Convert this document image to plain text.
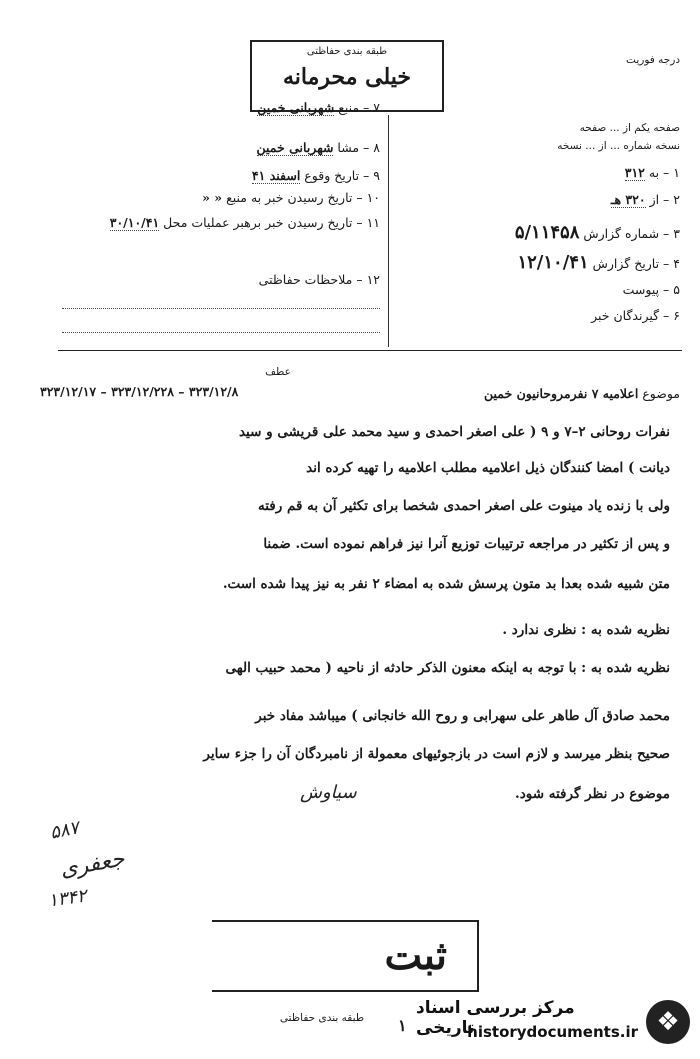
طبقه بندی حفاظتی
خیلی محرمانه
درجه فوریت
صفحه یکم از ... صفحه
نسخه شماره ... از ... نسخه
۷ – منبع شهربانی خمین
۸ – مشا شهربانی خمین
۹ – تاریخ وقوع اسفند ۴۱
۱۰ – تاریخ رسیدن خبر به منبع « «
۱۱ – تاریخ رسیدن خبر برهبر عملیات محل ۳۰/۱۰/۴۱
۱۲ – ملاحظات حفاظتی
۱ – به ۳۱۲
۲ – از ۳۲۰ هـ
۳ – شماره گزارش ۵/۱۱۴۵۸
۴ – تاریخ گزارش ۱۲/۱۰/۴۱
۵ – پیوست
۶ – گیرندگان خبر
عطف
موضوع اعلامیه ۷ نفرمروحانیون خمین
۳۲۳/۱۲/۸ – ۳۲۳/۱۲/۲۲۸ – ۳۲۳/۱۲/۱۷
نفرات روحانی ۲–۷ و ۹ ( علی اصغر احمدی و سید محمد علی قریشی و سید
دیانت ) امضا کنندگان ذیل اعلامیه مطلب اعلامیه را تهیه کرده اند
ولی با زنده یاد مینوت علی اصغر احمدی شخصا برای تکثیر آن به قم رفته
و پس از تکثیر در مراجعه ترتیبات توزیع آنرا نیز فراهم نموده است. ضمنا
متن شبیه شده بعدا بد متون پرسش شده به امضاء ۲ نفر به نیز پیدا شده است.
نظریه شده به : نظری ندارد .
نظریه شده به : با توجه به اینکه معنون الذکر حادثه از ناحیه ( محمد حبیب الهی
محمد صادق آل طاهر علی سهرابی و روح الله خانجانی ) میباشد مفاد خبر
صحیح بنظر میرسد و لازم است در بازجوئیهای معمولة از نامبردگان آن را جزء سایر
موضوع در نظر گرفته شود.
سیاوش
۵۸۷
جعفری
۱۳۴۲
ثبت
طبقه بندی حفاظتی	۱	❖
مرکز بررسی اسناد تاریخی
historydocuments.ir
